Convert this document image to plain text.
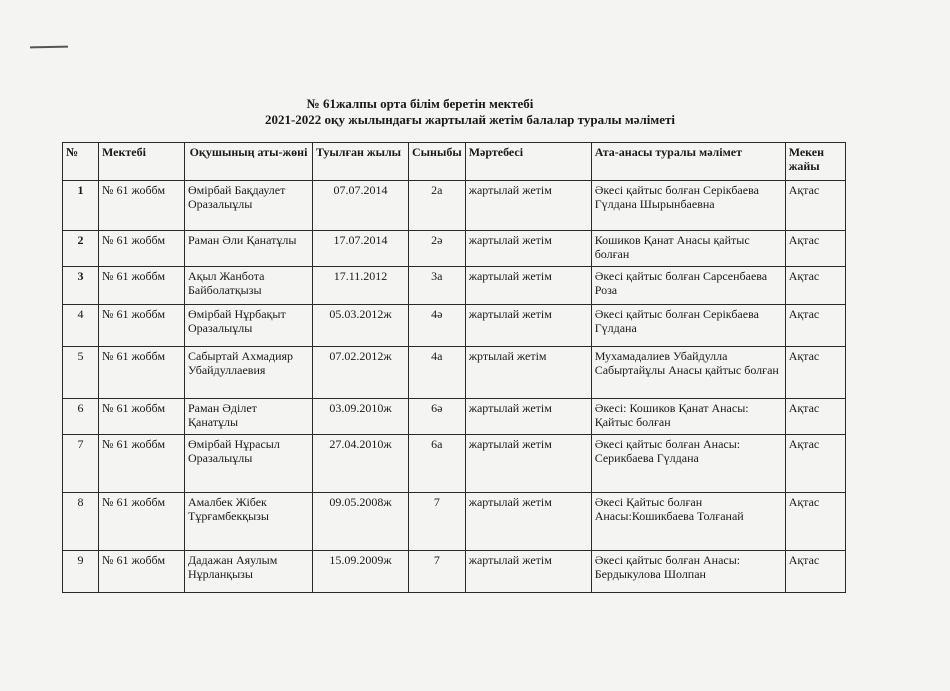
№ 61жалпы орта білім беретін мектебі
2021-2022 оқу жылындағы жартылай жетім балалар туралы мәліметі
№	Мектебі	Оқушының аты-жөні	Туылған жылы	Сыныбы	Мәртебесі	Ата-анасы туралы мәлімет	Мекен жайы
1	№ 61 жоббм	Өмірбай Бақдаулет Оразалыұлы	07.07.2014	2а	жартылай жетім	Әкесі қайтыс болған Серікбаева Гүлдана Шырынбаевна	Ақтас
2	№ 61 жоббм	Раман Әли Қанатұлы	17.07.2014	2ә	жартылай жетім	Кошиков Қанат Анасы қайтыс болған	Ақтас
3	№ 61 жоббм	Ақыл Жанбота Байболатқызы	17.11.2012	3а	жартылай жетім	Әкесі қайтыс болған Сарсенбаева Роза	Ақтас
4	№ 61 жоббм	Өмірбай Нұрбақыт Оразалыұлы	05.03.2012ж	4ә	жартылай жетім	Әкесі қайтыс болған Серікбаева Гүлдана	Ақтас
5	№ 61 жоббм	Сабыртай Ахмадияр Убайдуллаевия	07.02.2012ж	4а	жртылай жетім	Мухамадалиев Убайдулла Сабыртайұлы Анасы қайтыс болған	Ақтас
6	№ 61 жоббм	Раман Әділет Қанатұлы	03.09.2010ж	6ә	жартылай жетім	Әкесі: Кошиков Қанат Анасы: Қайтыс болған	Ақтас
7	№ 61 жоббм	Өмірбай Нұрасыл Оразалыұлы	27.04.2010ж	6а	жартылай жетім	Әкесі қайтыс болған Анасы: Серикбаева Гүлдана	Ақтас
8	№ 61 жоббм	Амалбек Жібек Тұрғамбекқызы	09.05.2008ж	7	жартылай жетім	Әкесі Қайтыс болған Анасы:Кошикбаева Толғанай	Ақтас
9	№ 61 жоббм	Дадажан Аяулым Нұрланқызы	15.09.2009ж	7	жартылай жетім	Әкесі қайтыс болған Анасы: Бердыкулова Шолпан	Ақтас
